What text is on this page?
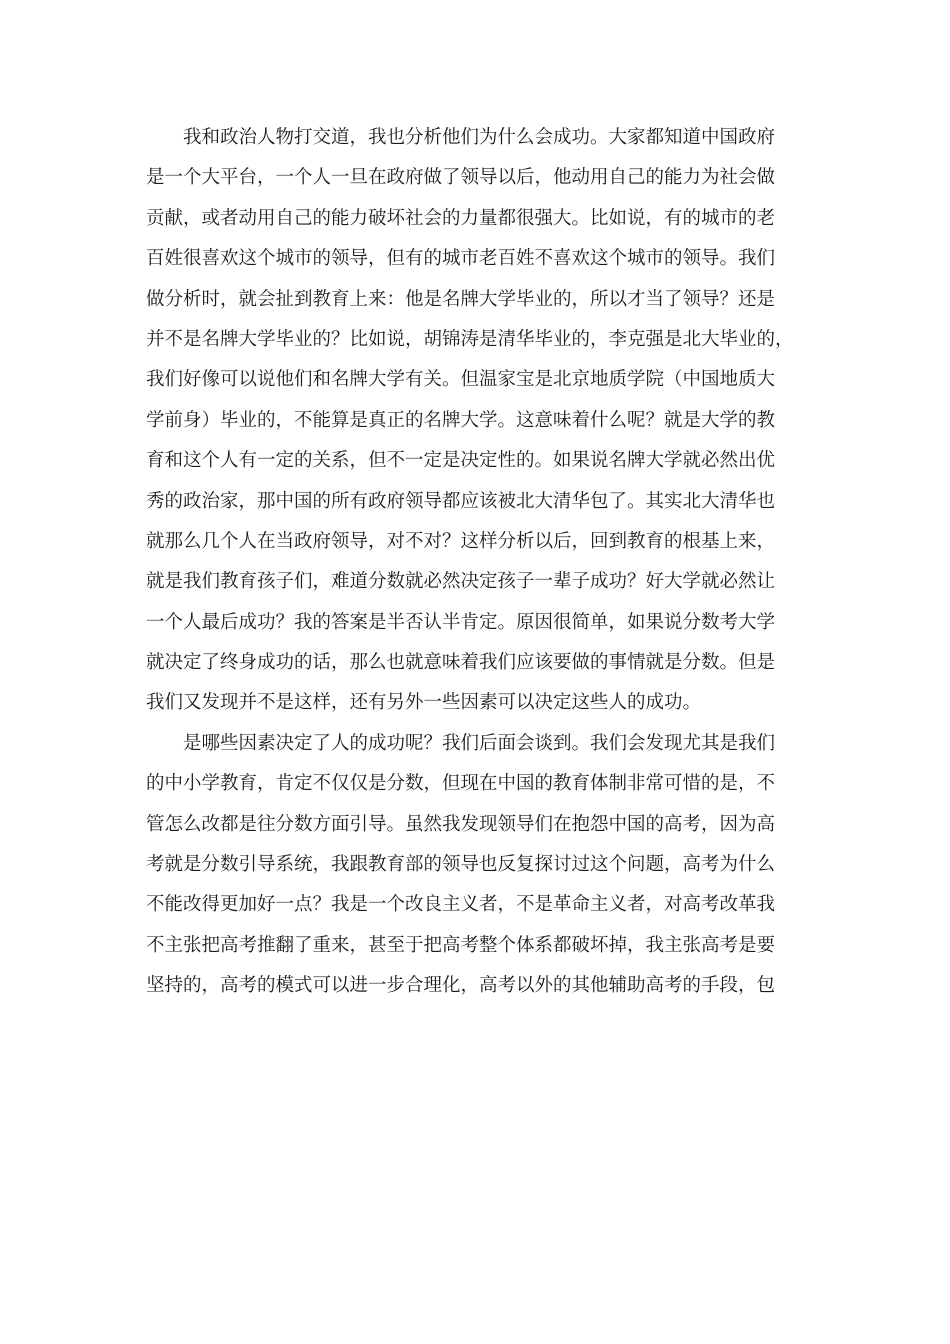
我和政治人物打交道，我也分析他们为什么会成功。大家都知道中国政府
是一个大平台，一个人一旦在政府做了领导以后，他动用自己的能力为社会做
贡献，或者动用自己的能力破坏社会的力量都很强大。比如说，有的城市的老
百姓很喜欢这个城市的领导，但有的城市老百姓不喜欢这个城市的领导。我们
做分析时，就会扯到教育上来：他是名牌大学毕业的，所以才当了领导？还是
并不是名牌大学毕业的？比如说，胡锦涛是清华毕业的，李克强是北大毕业的，
我们好像可以说他们和名牌大学有关。但温家宝是北京地质学院（中国地质大
学前身）毕业的，不能算是真正的名牌大学。这意味着什么呢？就是大学的教
育和这个人有一定的关系，但不一定是决定性的。如果说名牌大学就必然出优
秀的政治家，那中国的所有政府领导都应该被北大清华包了。其实北大清华也
就那么几个人在当政府领导，对不对？这样分析以后，回到教育的根基上来，
就是我们教育孩子们，难道分数就必然决定孩子一辈子成功？好大学就必然让
一个人最后成功？我的答案是半否认半肯定。原因很简单，如果说分数考大学
就决定了终身成功的话，那么也就意味着我们应该要做的事情就是分数。但是
我们又发现并不是这样，还有另外一些因素可以决定这些人的成功。
是哪些因素决定了人的成功呢？我们后面会谈到。我们会发现尤其是我们
的中小学教育，肯定不仅仅是分数，但现在中国的教育体制非常可惜的是，不
管怎么改都是往分数方面引导。虽然我发现领导们在抱怨中国的高考，因为高
考就是分数引导系统，我跟教育部的领导也反复探讨过这个问题，高考为什么
不能改得更加好一点？我是一个改良主义者，不是革命主义者，对高考改革我
不主张把高考推翻了重来，甚至于把高考整个体系都破坏掉，我主张高考是要
坚持的，高考的模式可以进一步合理化，高考以外的其他辅助高考的手段，包
